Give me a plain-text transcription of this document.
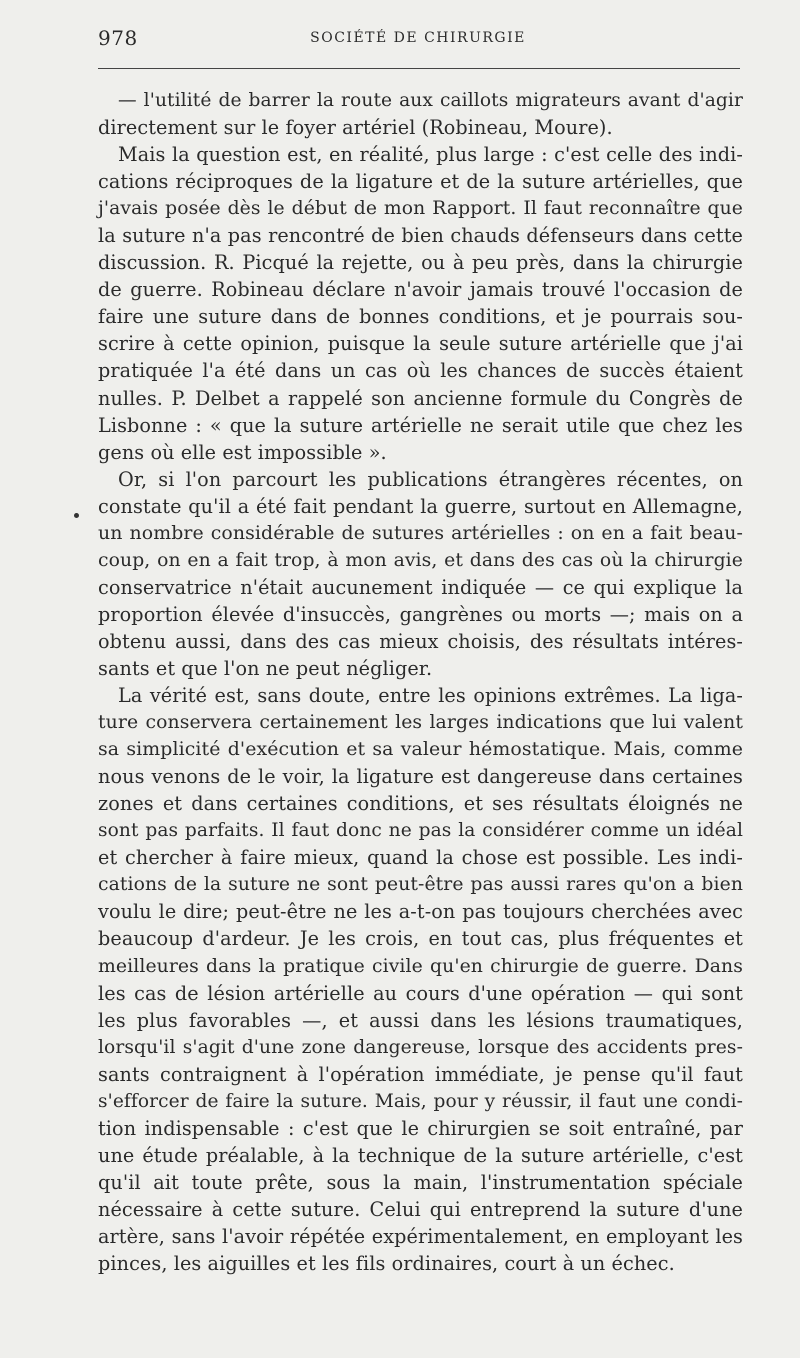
978	SOCIÉTÉ DE CHIRURGIE
— l'utilité de barrer la route aux caillots migrateurs avant d'agir
directement sur le foyer artériel (Robineau, Moure).
Mais la question est, en réalité, plus large : c'est celle des indi-
cations réciproques de la ligature et de la suture artérielles, que
j'avais posée dès le début de mon Rapport. Il faut reconnaître que
la suture n'a pas rencontré de bien chauds défenseurs dans cette
discussion. R. Picqué la rejette, ou à peu près, dans la chirurgie
de guerre. Robineau déclare n'avoir jamais trouvé l'occasion de
faire une suture dans de bonnes conditions, et je pourrais sou-
scrire à cette opinion, puisque la seule suture artérielle que j'ai
pratiquée l'a été dans un cas où les chances de succès étaient
nulles. P. Delbet a rappelé son ancienne formule du Congrès de
Lisbonne : « que la suture artérielle ne serait utile que chez les
gens où elle est impossible ».
Or, si l'on parcourt les publications étrangères récentes, on
constate qu'il a été fait pendant la guerre, surtout en Allemagne,
un nombre considérable de sutures artérielles : on en a fait beau-
coup, on en a fait trop, à mon avis, et dans des cas où la chirurgie
conservatrice n'était aucunement indiquée — ce qui explique la
proportion élevée d'insuccès, gangrènes ou morts —; mais on a
obtenu aussi, dans des cas mieux choisis, des résultats intéres-
sants et que l'on ne peut négliger.
La vérité est, sans doute, entre les opinions extrêmes. La liga-
ture conservera certainement les larges indications que lui valent
sa simplicité d'exécution et sa valeur hémostatique. Mais, comme
nous venons de le voir, la ligature est dangereuse dans certaines
zones et dans certaines conditions, et ses résultats éloignés ne
sont pas parfaits. Il faut donc ne pas la considérer comme un idéal
et chercher à faire mieux, quand la chose est possible. Les indi-
cations de la suture ne sont peut-être pas aussi rares qu'on a bien
voulu le dire; peut-être ne les a-t-on pas toujours cherchées avec
beaucoup d'ardeur. Je les crois, en tout cas, plus fréquentes et
meilleures dans la pratique civile qu'en chirurgie de guerre. Dans
les cas de lésion artérielle au cours d'une opération — qui sont
les plus favorables —, et aussi dans les lésions traumatiques,
lorsqu'il s'agit d'une zone dangereuse, lorsque des accidents pres-
sants contraignent à l'opération immédiate, je pense qu'il faut
s'efforcer de faire la suture. Mais, pour y réussir, il faut une condi-
tion indispensable : c'est que le chirurgien se soit entraîné, par
une étude préalable, à la technique de la suture artérielle, c'est
qu'il ait toute prête, sous la main, l'instrumentation spéciale
nécessaire à cette suture. Celui qui entreprend la suture d'une
artère, sans l'avoir répétée expérimentalement, en employant les
pinces, les aiguilles et les fils ordinaires, court à un échec.
